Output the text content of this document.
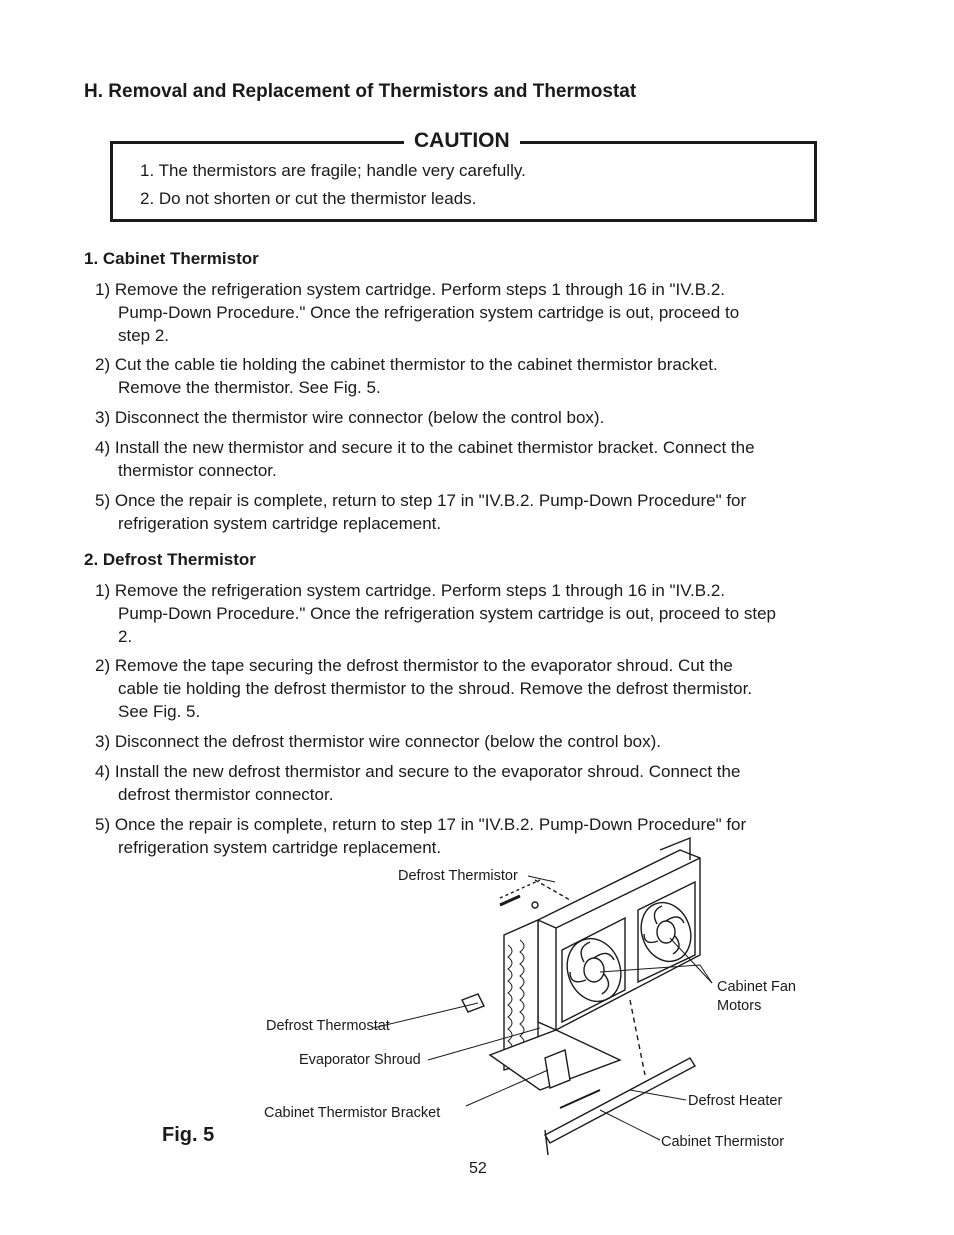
H. Removal and Replacement of Thermistors and Thermostat
CAUTION
1. The thermistors are fragile; handle very carefully.
2. Do not shorten or cut the thermistor leads.
1. Cabinet Thermistor
1) Remove the refrigeration system cartridge. Perform steps 1 through 16 in "IV.B.2.
Pump-Down Procedure." Once the refrigeration system cartridge is out, proceed to
step 2.
2) Cut the cable tie holding the cabinet thermistor to the cabinet thermistor bracket.
Remove the thermistor. See Fig. 5.
3) Disconnect the thermistor wire connector (below the control box).
4) Install the new thermistor and secure it to the cabinet thermistor bracket. Connect the
thermistor connector.
5) Once the repair is complete, return to step 17 in "IV.B.2. Pump-Down Procedure" for
refrigeration system cartridge replacement.
2. Defrost Thermistor
1) Remove the refrigeration system cartridge. Perform steps 1 through 16 in "IV.B.2.
Pump-Down Procedure." Once the refrigeration system cartridge is out, proceed to step
2.
2) Remove the tape securing the defrost thermistor to the evaporator shroud. Cut the
cable tie holding the defrost thermistor to the shroud. Remove the defrost thermistor.
See Fig. 5.
3) Disconnect the defrost thermistor wire connector (below the control box).
4) Install the new defrost thermistor and secure to the evaporator shroud. Connect the
defrost thermistor connector.
5) Once the repair is complete, return to step 17 in "IV.B.2. Pump-Down Procedure" for
refrigeration system cartridge replacement.
Defrost Thermistor
Cabinet Fan
Motors
Defrost Thermostat
Evaporator Shroud
Cabinet Thermistor Bracket
Defrost Heater
Cabinet Thermistor
Fig. 5
52
